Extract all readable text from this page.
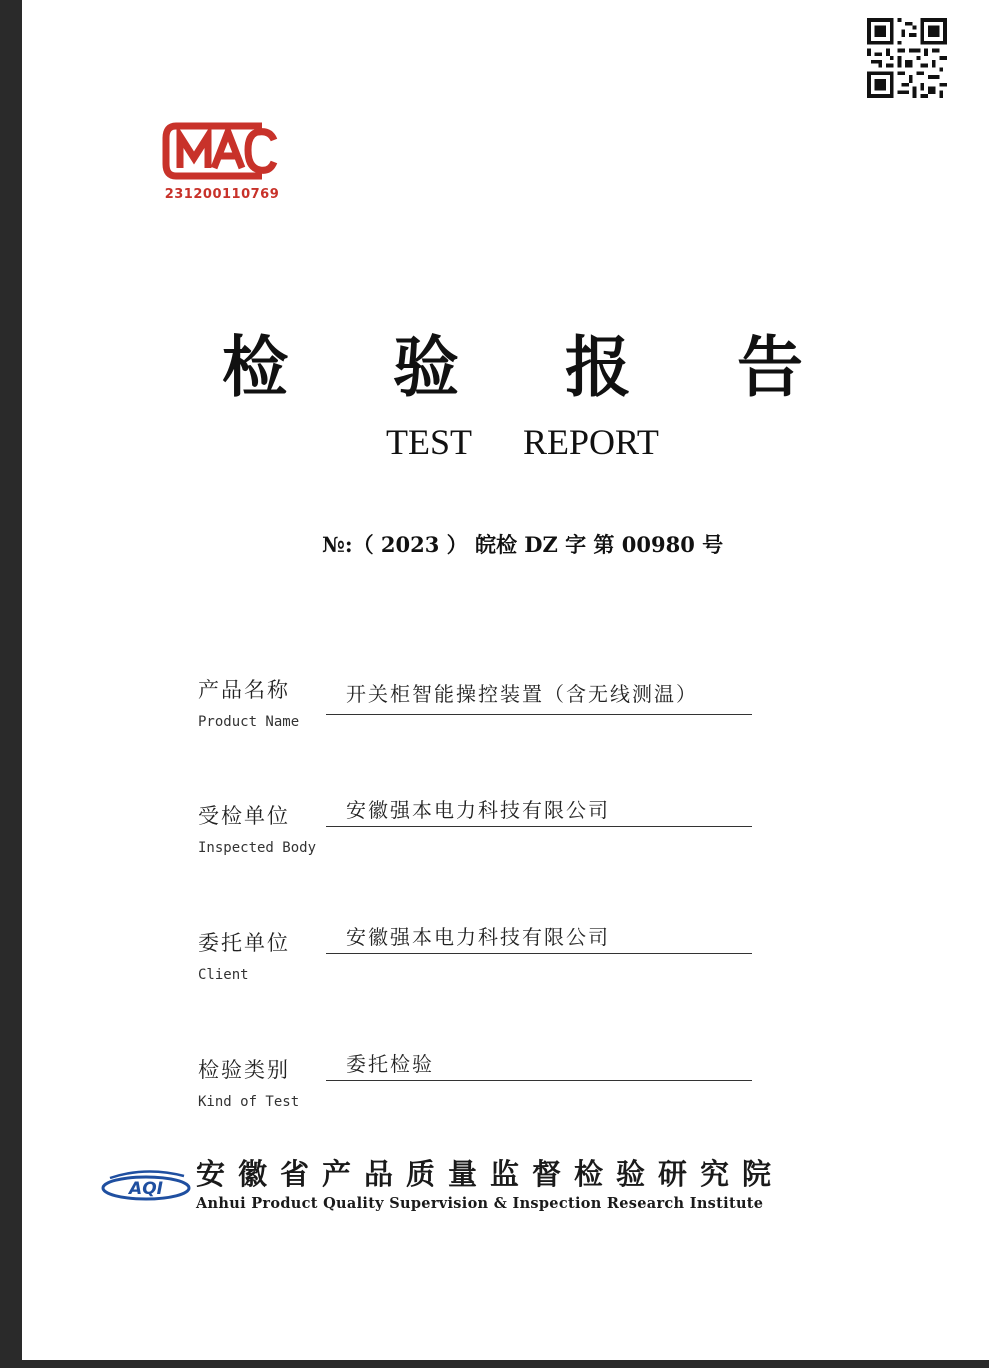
231200110769
检 验 报 告
TEST REPORT
№:（ 2023 ） 皖检 DZ 字 第 00980 号
产品名称
Product Name
开关柜智能操控装置（含无线测温）
受检单位
Inspected Body
安徽强本电力科技有限公司
委托单位
Client
安徽强本电力科技有限公司
检验类别
Kind of Test
委托检验
AQI 安徽省产品质量监督检验研究院
Anhui Product Quality Supervision & Inspection Research Institute
